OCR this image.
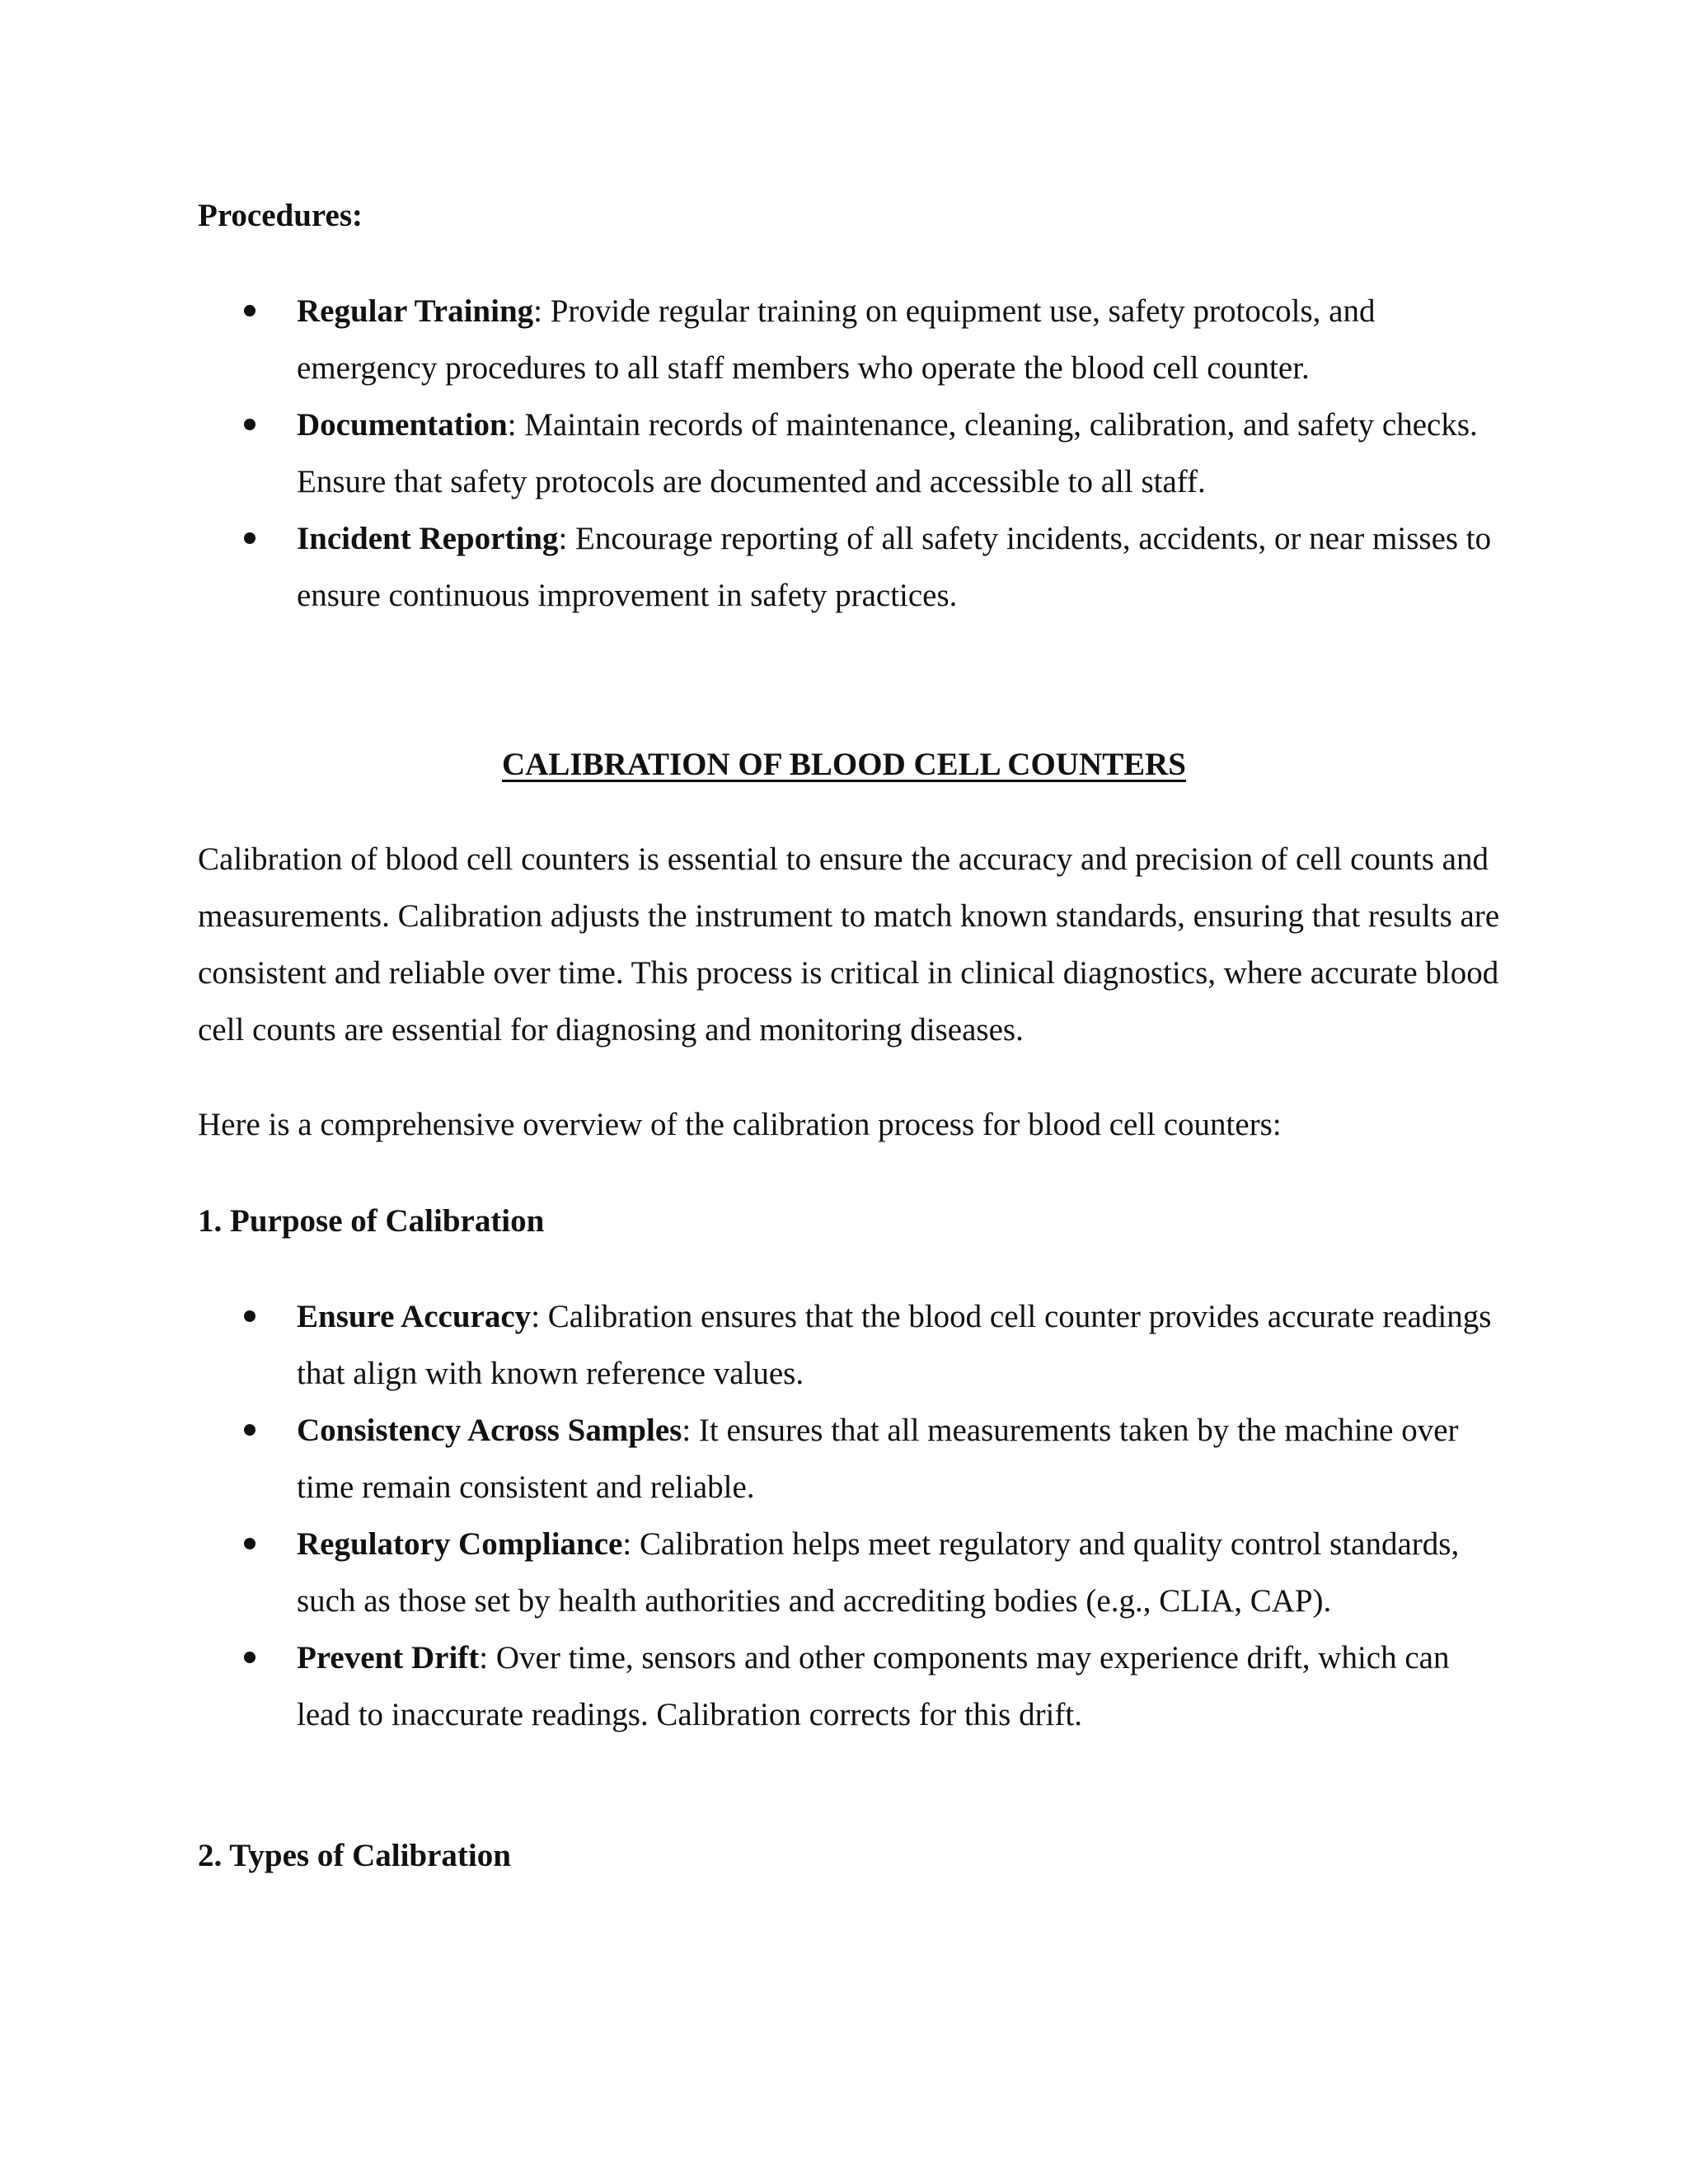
Procedures:
Regular Training: Provide regular training on equipment use, safety protocols, and emergency procedures to all staff members who operate the blood cell counter.
Documentation: Maintain records of maintenance, cleaning, calibration, and safety checks. Ensure that safety protocols are documented and accessible to all staff.
Incident Reporting: Encourage reporting of all safety incidents, accidents, or near misses to ensure continuous improvement in safety practices.
CALIBRATION OF BLOOD CELL COUNTERS

Calibration of blood cell counters is essential to ensure the accuracy and precision of cell counts and measurements. Calibration adjusts the instrument to match known standards, ensuring that results are consistent and reliable over time. This process is critical in clinical diagnostics, where accurate blood cell counts are essential for diagnosing and monitoring diseases.

Here is a comprehensive overview of the calibration process for blood cell counters:

1. Purpose of Calibration
Ensure Accuracy: Calibration ensures that the blood cell counter provides accurate readings that align with known reference values.
Consistency Across Samples: It ensures that all measurements taken by the machine over time remain consistent and reliable.
Regulatory Compliance: Calibration helps meet regulatory and quality control standards, such as those set by health authorities and accrediting bodies (e.g., CLIA, CAP).
Prevent Drift: Over time, sensors and other components may experience drift, which can lead to inaccurate readings. Calibration corrects for this drift.
2. Types of Calibration
